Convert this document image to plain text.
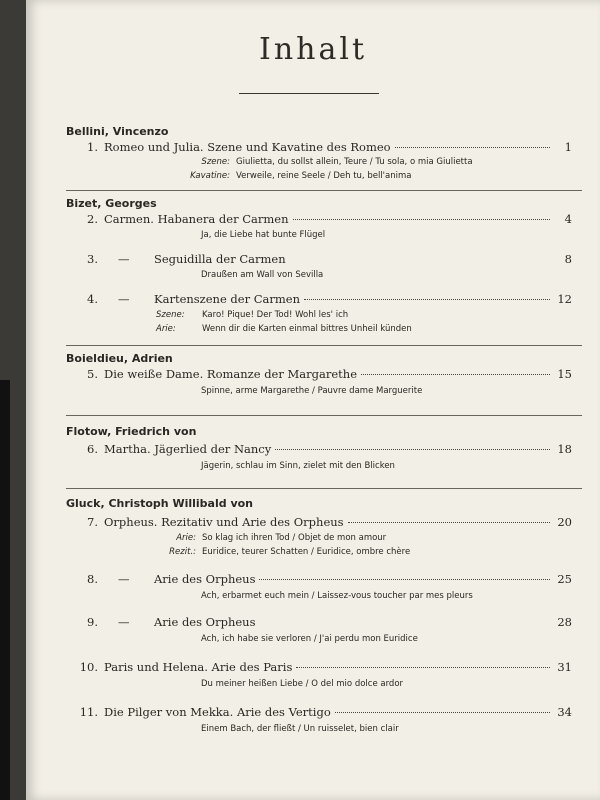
Inhalt
Bellini, Vincenzo
1. Romeo und Julia. Szene und Kavatine des Romeo	1
Szene: Giulietta, du sollst allein, Teure / Tu sola, o mia Giulietta
Kavatine: Verweile, reine Seele / Deh tu, bell'anima
Bizet, Georges
2. Carmen. Habanera der Carmen	4
Ja, die Liebe hat bunte Flügel
3.	—	Seguidilla der Carmen	8
Draußen am Wall von Sevilla
4.	—	Kartenszene der Carmen	12
Szene: Karo! Pique! Der Tod! Wohl les' ich
Arie:	Wenn dir die Karten einmal bittres Unheil künden
Boieldieu, Adrien
5. Die weiße Dame. Romanze der Margarethe	15
Spinne, arme Margarethe / Pauvre dame Marguerite
Flotow, Friedrich von
6. Martha. Jägerlied der Nancy	18
Jägerin, schlau im Sinn, zielet mit den Blicken
Gluck, Christoph Willibald von
7. Orpheus. Rezitativ und Arie des Orpheus	20
Arie: So klag ich ihren Tod / Objet de mon amour
Rezit.: Euridice, teurer Schatten / Euridice, ombre chère
8.	—	Arie des Orpheus	25
Ach, erbarmet euch mein / Laissez-vous toucher par mes pleurs
9.	—	Arie des Orpheus	28
Ach, ich habe sie verloren / J'ai perdu mon Euridice
10. Paris und Helena. Arie des Paris	31
Du meiner heißen Liebe / O del mio dolce ardor
11. Die Pilger von Mekka. Arie des Vertigo	34
Einem Bach, der fließt / Un ruisselet, bien clair
